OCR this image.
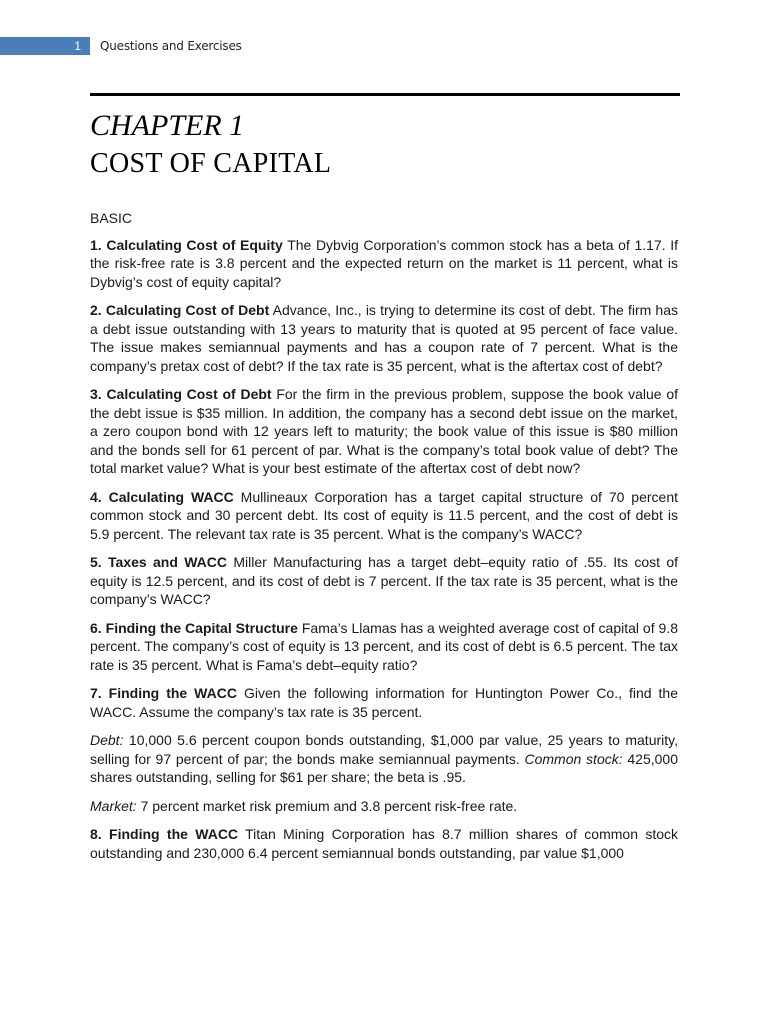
1	Questions and Exercises
CHAPTER 1
COST OF CAPITAL

BASIC

1. Calculating Cost of Equity The Dybvig Corporation’s common stock has a beta of 1.17. If the risk-free rate is 3.8 percent and the expected return on the market is 11 percent, what is Dybvig’s cost of equity capital?

2. Calculating Cost of Debt Advance, Inc., is trying to determine its cost of debt. The firm has a debt issue outstanding with 13 years to maturity that is quoted at 95 percent of face value. The issue makes semiannual payments and has a coupon rate of 7 percent. What is the company’s pretax cost of debt? If the tax rate is 35 percent, what is the aftertax cost of debt?

3. Calculating Cost of Debt For the firm in the previous problem, suppose the book value of the debt issue is $35 million. In addition, the company has a second debt issue on the market, a zero coupon bond with 12 years left to maturity; the book value of this issue is $80 million and the bonds sell for 61 percent of par. What is the company’s total book value of debt? The total market value? What is your best estimate of the aftertax cost of debt now?

4. Calculating WACC Mullineaux Corporation has a target capital structure of 70 percent common stock and 30 percent debt. Its cost of equity is 11.5 percent, and the cost of debt is 5.9 percent. The relevant tax rate is 35 percent. What is the company’s WACC?

5. Taxes and WACC Miller Manufacturing has a target debt–equity ratio of .55. Its cost of equity is 12.5 percent, and its cost of debt is 7 percent. If the tax rate is 35 percent, what is the company’s WACC?

6. Finding the Capital Structure Fama’s Llamas has a weighted average cost of capital of 9.8 percent. The company’s cost of equity is 13 percent, and its cost of debt is 6.5 percent. The tax rate is 35 percent. What is Fama’s debt–equity ratio?

7. Finding the WACC Given the following information for Huntington Power Co., find the WACC. Assume the company’s tax rate is 35 percent.

Debt: 10,000 5.6 percent coupon bonds outstanding, $1,000 par value, 25 years to maturity, selling for 97 percent of par; the bonds make semiannual payments. Common stock: 425,000 shares outstanding, selling for $61 per share; the beta is .95.

Market: 7 percent market risk premium and 3.8 percent risk-free rate.

8. Finding the WACC Titan Mining Corporation has 8.7 million shares of common stock outstanding and 230,000 6.4 percent semiannual bonds outstanding, par value $1,000
